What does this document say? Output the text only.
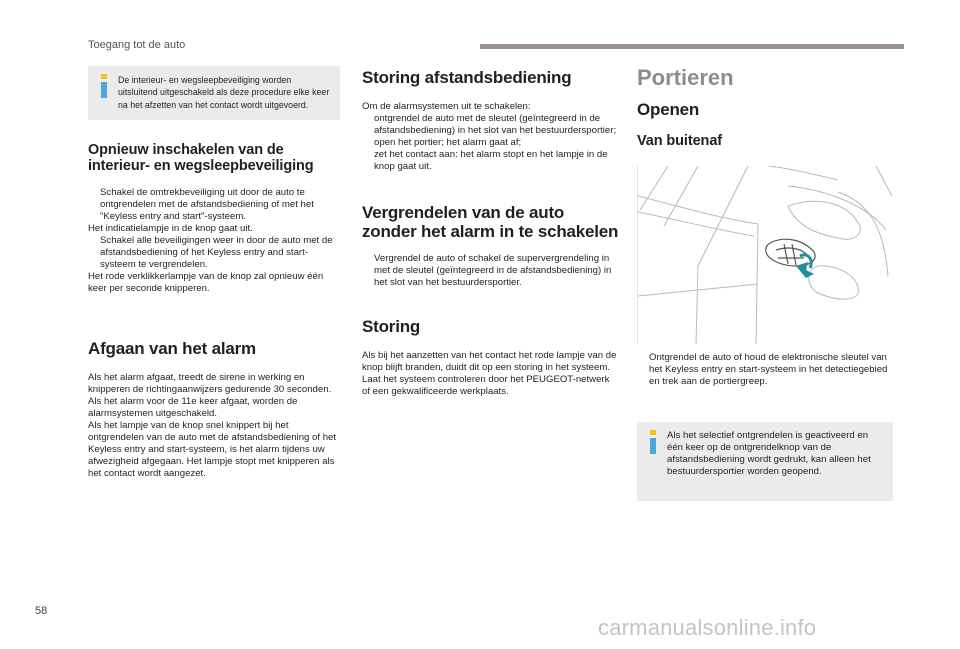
Toegang tot de auto
De interieur- en wegsleepbeveiliging worden uitsluitend uitgeschakeld als deze procedure elke keer na het afzetten van het contact wordt uitgevoerd.
Opnieuw inschakelen van de interieur- en wegsleepbeveiliging
Schakel de omtrekbeveiliging uit door de auto te ontgrendelen met de afstandsbediening of met het "Keyless entry and start"-systeem.
Het indicatielampje in de knop gaat uit.
Schakel alle beveiligingen weer in door de auto met de afstandsbediening of het Keyless entry and start-systeem te vergrendelen.
Het rode verklikkerlampje van de knop zal opnieuw één keer per seconde knipperen.
Afgaan van het alarm

Als het alarm afgaat, treedt de sirene in werking en knipperen de richtingaanwijzers gedurende 30 seconden.

Als het alarm voor de 11e keer afgaat, worden de alarmsystemen uitgeschakeld.

Als het lampje van de knop snel knippert bij het ontgrendelen van de auto met de afstandsbediening of het Keyless entry and start-systeem, is het alarm tijdens uw afwezigheid afgegaan. Het lampje stopt met knipperen als het contact wordt aangezet.

Storing afstandsbediening
Om de alarmsystemen uit te schakelen:
ontgrendel de auto met de sleutel (geïntegreerd in de afstandsbediening) in het slot van het bestuurdersportier;
open het portier; het alarm gaat af;
zet het contact aan: het alarm stopt en het lampje in de knop gaat uit.
Vergrendelen van de auto zonder het alarm in te schakelen
Vergrendel de auto of schakel de supervergrendeling in met de sleutel (geïntegreerd in de afstandsbediening) in het slot van het bestuurdersportier.
Storing

Als bij het aanzetten van het contact het rode lampje van de knop blijft branden, duidt dit op een storing in het systeem.

Laat het systeem controleren door het PEUGEOT-netwerk of een gekwalificeerde werkplaats.

Portieren
Openen
Van buitenaf
Ontgrendel de auto of houd de elektronische sleutel van het Keyless entry en start-systeem in het detectiegebied en trek aan de portiergreep.
Als het selectief ontgrendelen is geactiveerd en één keer op de ontgrendelknop van de afstandsbediening wordt gedrukt, kan alleen het bestuurdersportier worden geopend.
58
carmanualsonline.info
